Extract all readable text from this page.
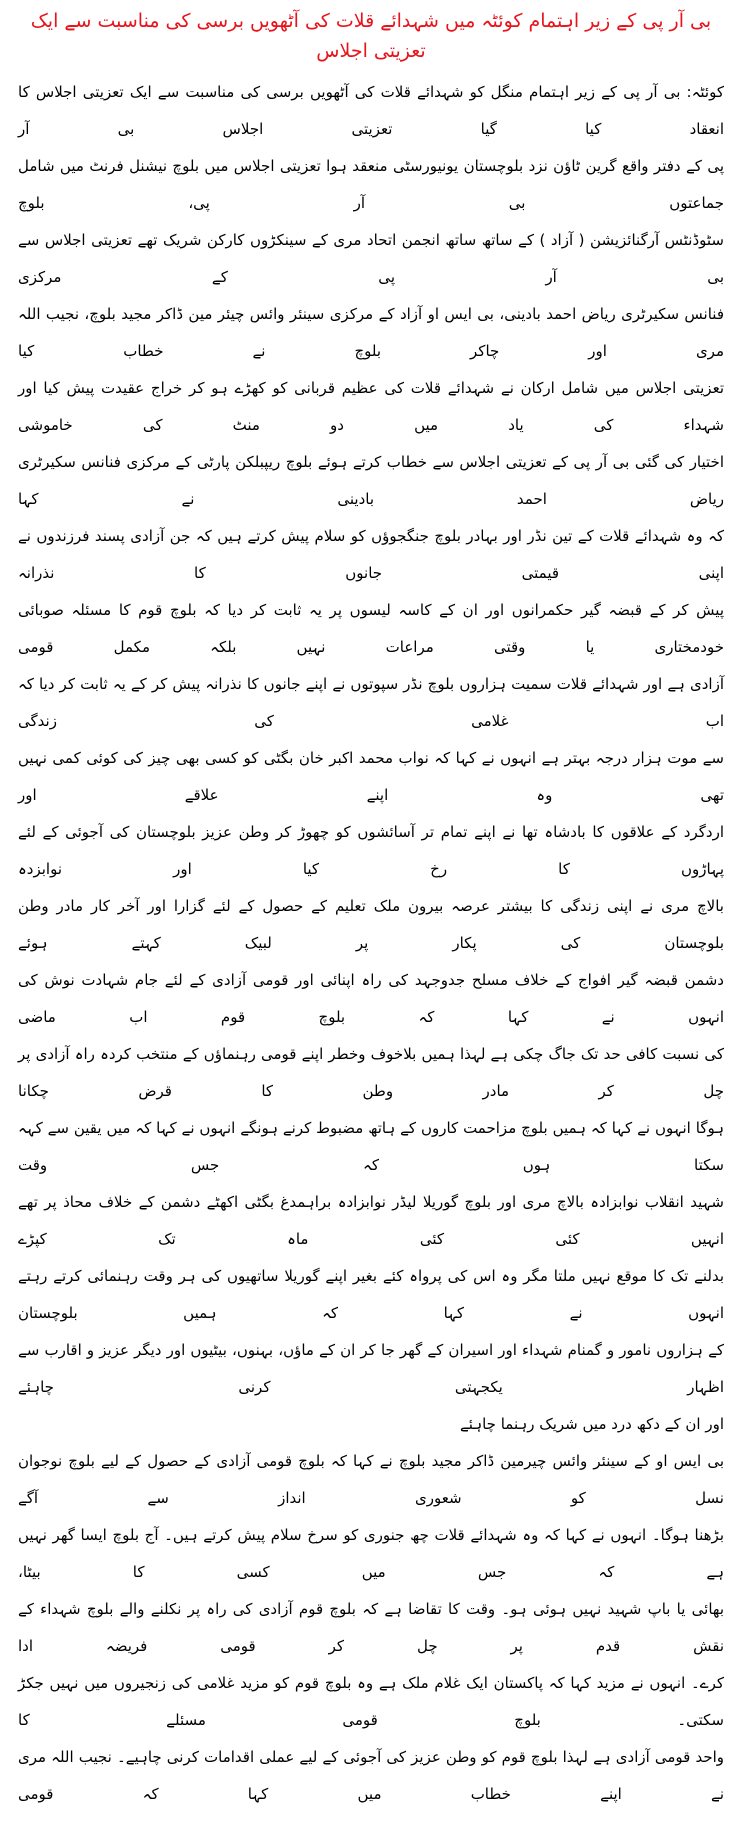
بی آر پی کے زیر اہتمام کوئٹہ میں شہدائے قلات کی آٹھویں برسی کی مناسبت سے ایک تعزیتی اجلاس
کوئٹہ: بی آر پی کے زیر اہتمام منگل کو شہدائے قلات کی آٹھویں برسی کی مناسبت سے ایک تعزیتی اجلاس کا انعقاد کیا گیا تعزیتی اجلاس بی آر
پی کے دفتر واقع گرین ٹاؤن نزد بلوچستان یونیورسٹی منعقد ہوا تعزیتی اجلاس میں بلوچ نیشنل فرنٹ میں شامل جماعتوں بی آر پی، بلوچ
سٹوڈنٹس آرگنائزیشن ( آزاد ) کے ساتھ ساتھ انجمن اتحاد مری کے سینکڑوں کارکن شریک تھے تعزیتی اجلاس سے بی آر پی کے مرکزی
فنانس سکیرٹری ریاض احمد بادینی، بی ایس او آزاد کے مرکزی سینئر وائس چیئر مین ڈاکر مجید بلوچ، نجیب اللہ مری اور چاکر بلوچ نے خطاب کیا
تعزیتی اجلاس میں شامل ارکان نے شہدائے قلات کی عظیم قربانی کو کھڑے ہو کر خراج عقیدت پیش کیا اور شہداء کی یاد میں دو منٹ کی خاموشی
اختیار کی گئی بی آر پی کے تعزیتی اجلاس سے خطاب کرتے ہوئے بلوچ ریپبلکن پارٹی کے مرکزی فنانس سکیرٹری ریاض احمد بادینی نے کہا
کہ وہ شہدائے قلات کے تین نڈر اور بہادر بلوچ جنگجوؤں کو سلام پیش کرتے ہیں کہ جن آزادی پسند فرزندوں نے اپنی قیمتی جانوں کا نذرانہ
پیش کر کے قبضہ گیر حکمرانوں اور ان کے کاسہ لیسوں پر یہ ثابت کر دیا کہ بلوچ قوم کا مسئلہ صوبائی خودمختاری یا وقتی مراعات نہیں بلکہ مکمل قومی
آزادی ہے اور شہدائے قلات سمیت ہزاروں بلوچ نڈر سپوتوں نے اپنے جانوں کا نذرانہ پیش کر کے یہ ثابت کر دیا کہ اب غلامی کی زندگی
سے موت ہزار درجہ بہتر ہے انہوں نے کہا کہ نواب محمد اکبر خان بگٹی کو کسی بھی چیز کی کوئی کمی نہیں تھی وہ اپنے علاقے اور
اردگرد کے علاقوں کا بادشاہ تھا نے اپنے تمام تر آسائشوں کو چھوڑ کر وطن عزیز بلوچستان کی آجوئی کے لئے پہاڑوں کا رخ کیا اور نوابزدہ
بالاچ مری نے اپنی زندگی کا بیشتر عرصہ بیرون ملک تعلیم کے حصول کے لئے گزارا اور آخر کار مادر وطن بلوچستان کی پکار پر لبیک کہتے ہوئے
دشمن قبضہ گیر افواج کے خلاف مسلح جدوجہد کی راہ اپنائی اور قومی آزادی کے لئے جام شہادت نوش کی انہوں نے کہا کہ بلوچ قوم اب ماضی
کی نسبت کافی حد تک جاگ چکی ہے لہذا ہمیں بلاخوف وخطر اپنے قومی رہنماؤں کے منتخب کردہ راہ آزادی پر چل کر مادر وطن کا قرض چکانا
ہوگا انہوں نے کہا کہ ہمیں بلوچ مزاحمت کاروں کے ہاتھ مضبوط کرنے ہونگے انہوں نے کہا کہ میں یقین سے کہہ سکتا ہوں کہ جس وقت
شہید انقلاب نوابزادہ بالاچ مری اور بلوچ گوریلا لیڈر نوابزادہ براہمدغ بگٹی اکھٹے دشمن کے خلاف محاذ پر تھے انہیں کئی کئی ماہ تک کپڑے
بدلنے تک کا موقع نہیں ملتا مگر وہ اس کی پرواہ کئے بغیر اپنے گوریلا ساتھیوں کی ہر وقت رہنمائی کرتے رہتے انہوں نے کہا کہ ہمیں بلوچستان
کے ہزاروں نامور و گمنام شہداء اور اسیران کے گھر جا کر ان کے ماؤں، بہنوں، بیٹیوں اور دیگر عزیز و اقارب سے اظہار یکجہتی کرنی چاہئے
اور ان کے دکھ درد میں شریک رہنما چاہئے
بی ایس او کے سینئر وائس چیرمین ڈاکر مجید بلوچ نے کہا کہ بلوچ قومی آزادی کے حصول کے لیے بلوچ نوجوان نسل کو شعوری انداز سے آگے
بڑھنا ہوگا۔ انہوں نے کہا کہ وہ شہدائے قلات چھ جنوری کو سرخ سلام پیش کرتے ہیں۔ آج بلوچ ایسا گھر نہیں ہے کہ جس میں کسی کا بیٹا،
بھائی یا باپ شہید نہیں ہوئی ہو۔ وقت کا تقاضا ہے کہ بلوچ قوم آزادی کی راہ پر نکلنے والے بلوچ شہداء کے نقش قدم پر چل کر قومی فریضہ ادا
کرے۔ انہوں نے مزید کہا کہ پاکستان ایک غلام ملک ہے وہ بلوچ قوم کو مزید غلامی کی زنجیروں میں نہیں جکڑ سکتی۔ بلوچ قومی مسئلے کا
واحد قومی آزادی ہے لہذا بلوچ قوم کو وطن عزیز کی آجوئی کے لیے عملی اقدامات کرنی چاہیے۔ نجیب اللہ مری نے اپنے خطاب میں کہا کہ قومی
